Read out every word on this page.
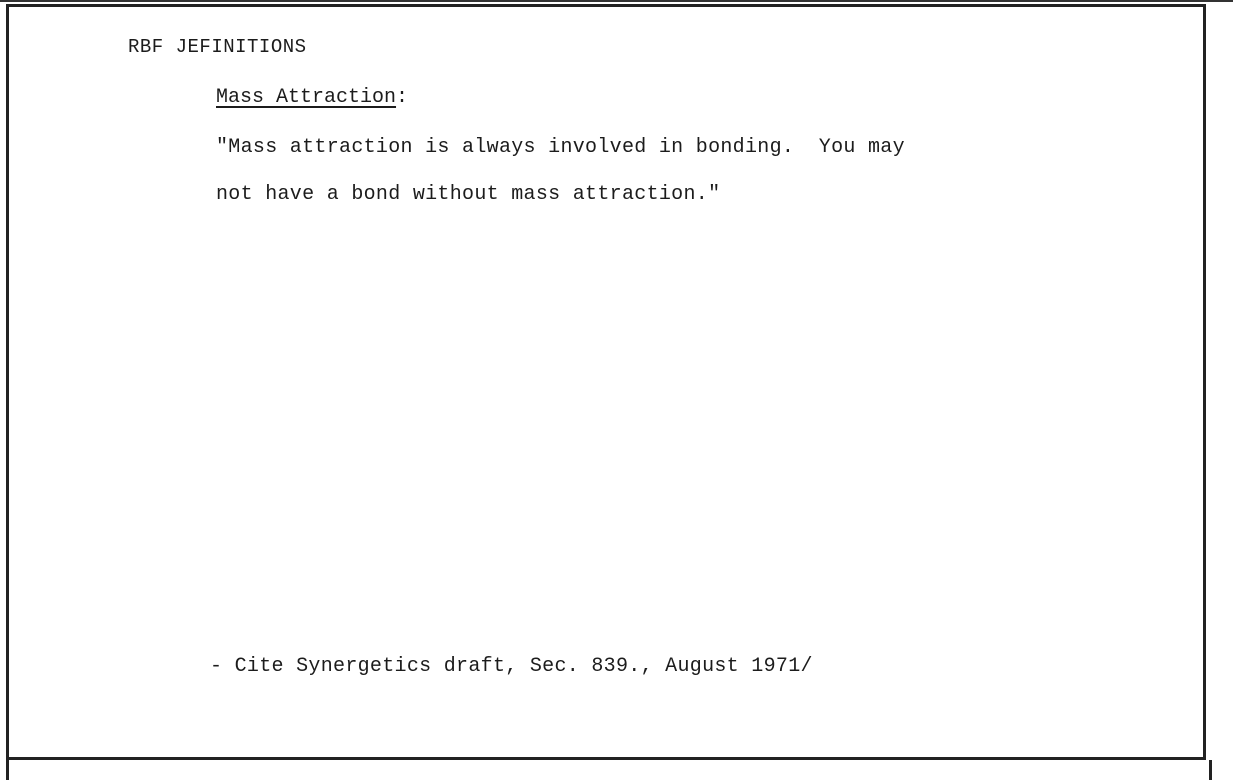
RBF JEFINITIONS
Mass Attraction:
"Mass attraction is always involved in bonding.  You may
not have a bond without mass attraction."
- Cite Synergetics draft, Sec. 839., August 1971/
